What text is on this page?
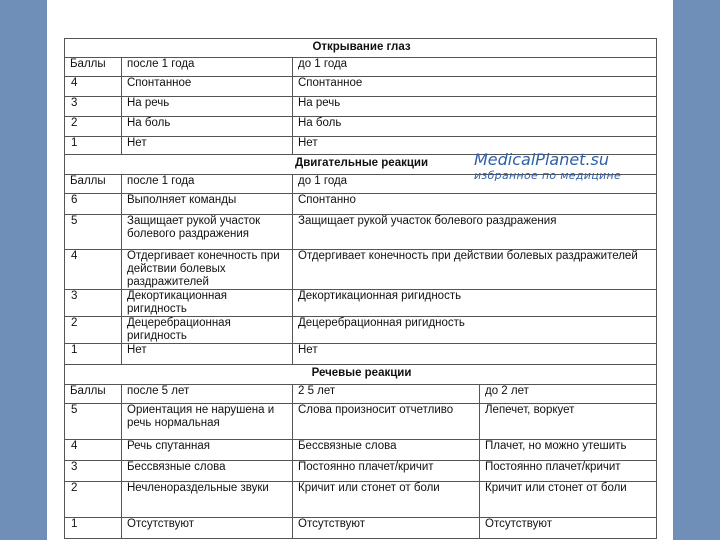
Открывание глаз			
Баллы	после 1 года	до 1 года	
4	Спонтанное	Спонтанное	
3	На речь	На речь	
2	На боль	На боль	
1	Нет	Нет	
Двигательные реакции			
Баллы	после 1 года	до 1 года	
6	Выполняет команды	Спонтанно	
5	Защищает рукой участок болевого раздражения	Защищает рукой участок болевого раздражения	
4	Отдергивает конечность при действии болевых раздражителей	Отдергивает конечность при действии болевых раздражителей	
3	Декортикационная ригидность	Декортикационная ригидность	
2	Децеребрационная ригидность	Децеребрационная ригидность	
1	Нет	Нет	
Речевые реакции			
Баллы	после 5 лет	2 5 лет	до 2 лет
5	Ориентация не нарушена и речь нормальная	Слова произносит отчетливо	Лепечет, воркует
4	Речь спутанная	Бессвязные слова	Плачет, но можно утешить
3	Бессвязные слова	Постоянно плачет/кричит	Постоянно плачет/кричит
2	Нечленораздельные звуки	Кричит или стонет от боли	Кричит или стонет от боли
1	Отсутствуют	Отсутствуют	Отсутствуют
MedicalPlanet.su
избранное по медицине
